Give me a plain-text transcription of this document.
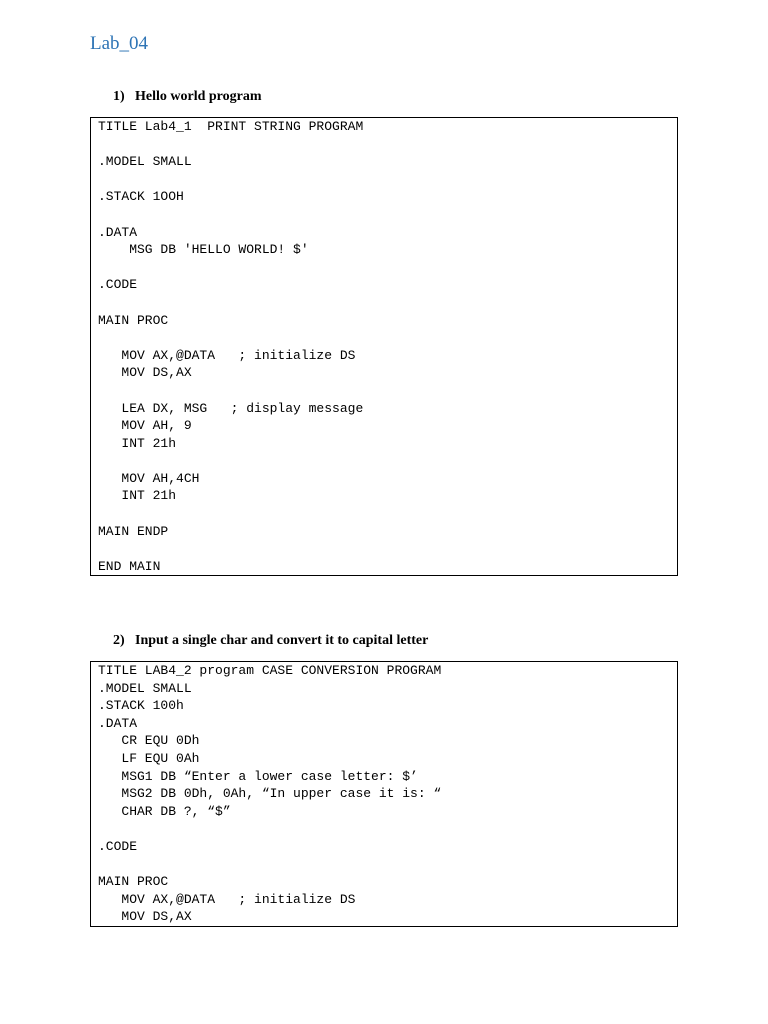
Lab_04
1) Hello world program
TITLE Lab4_1  PRINT STRING PROGRAM
.MODEL SMALL
.STACK 1OOH
.DATA
MSG DB 'HELLO WORLD! $'
.CODE
MAIN PROC
MOV AX,@DATA   ; initialize DS
MOV DS,AX
LEA DX, MSG   ; display message
MOV AH, 9
INT 21h
MOV AH,4CH
INT 21h
MAIN ENDP
END MAIN
2) Input a single char and convert it to capital letter
TITLE LAB4_2 program CASE CONVERSION PROGRAM
.MODEL SMALL
.STACK 100h
.DATA
CR EQU 0Dh
LF EQU 0Ah
MSG1 DB “Enter a lower case letter: $’
MSG2 DB 0Dh, 0Ah, “In upper case it is: “
CHAR DB ?, “$”
.CODE
MAIN PROC
MOV AX,@DATA   ; initialize DS
MOV DS,AX
